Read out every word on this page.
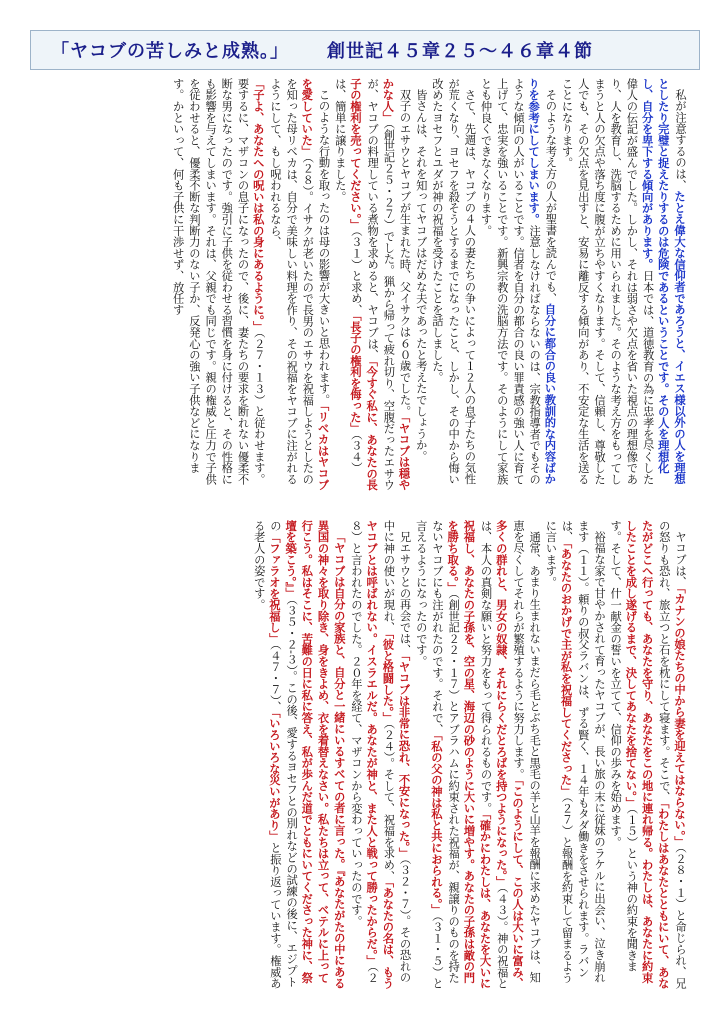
「ヤコブの苦しみと成熟。」 創世記４５章２５〜４６章４節

私が注意するのは、たとえ偉大な信仰者であろうと、イエス様以外の人を理想としたり完璧と捉えたりするのは危険であるということです。その人を理想化し、自分を卑下する傾向があります。日本では、道徳教育の為に忠孝を尽くした偉人の伝記が盛んでした。しかし、それは弱さや欠点を省いた視点の理想像であり、人を教育し、洗脳するために用いられました。そのような考え方をもってしまうと人の欠点や落ち度に腹が立ちやすくなります。そして、信頼し、尊敬した人でも、その欠点を見出すと、安易に離反する傾向があり、不安定な生活を送ることになります。

そのような考え方の人が聖書を読んでも、自分に都合の良い教訓的な内容ばかりを参考にしてしまいます。注意しなければならないのは、宗教指導者でもそのような傾向の人がいることです。信者を自分の都合の良い罪責感の強い人に育て上げて、忠実を強いることです。新興宗教の洗脳方法です。そのようにして家族とも仲良くできなくなります。

さて、先週は、ヤコブの４人の妻たちの争いによって１２人の息子たちの気性が荒くなり、ヨセフを殺そうとするまでになったこと、しかし、その中から悔い改めたヨセフとユダが神の祝福を受けたことを話しました。

皆さんは、それを知ってヤコブはだめな夫であったと考えたでしょうか。

双子のエサウとヤコブが生まれた時、父イサクは６０歳でした。「ヤコブは穏やかな人」（創世記２５・２７）でした。猟から帰って疲れ切り、空腹だったエサウが、ヤコブの料理している煮物を求めると、ヤコブは、「今すぐ私に、あなたの長子の権利を売ってください。」（３１）と求め、「長子の権利を侮った」（３４）は、簡単に譲りました。

このような行動を取ったのは母の影響が大きいと思われます。「リベカはヤコブを愛していた」（２８）。イサクが老いたので長男のエサウを祝福しようとしたのを知った母リベカは、自分で美味しい料理を作り、その祝福をヤコブに注がれるようにして、もし呪われるなら、「子よ、あなたへの呪いは私の身にあるように。」（２７・１３）と従わせます。要するに、マザコンの息子になったので、後に、妻たちの要求を断れない優柔不断な男になったのです。強引に子供を従わせる習慣を身に付けると、その性格にも影響を与えてしまいます。それは、父親でも同じです。親の権威と圧力で子供を従わせると、優柔不断な判断力のない子か、反発心の強い子供などになります。かといって、何も子供に干渉せず、放任す

ヤコブは、「カナンの娘たちの中から妻を迎えてはならない。」（２８・１）と命じられ、兄の怒りも恐れ、旅立つと石を枕にして寝ます。そこで、「わたしはあなたとともにいて、あなたがどこへ行っても、あなたを守り、あなたをこの地に連れ帰る。わたしは、あなたに約束したことを成し遂げるまで、決してあなたを捨てない。」（１５）という神の約束を聞きます。そして、什一献金の誓いを立てて、信仰の歩みを始めます。

裕福な家で甘やかされて育ったヤコブが、長い旅の末に従妹のラケルに出会い、泣き崩れます（１１）。頼りの叔父ラバンは、ずる賢く、１４年もタダ働きをさせられます。ラバンは、「あなたのおかげで主が私を祝福してくださった」（２７）と報酬を約束して留まるように言います。

通常、あまり生まれないまだら毛とぶち毛と黒毛の羊と山羊を報酬に求めたヤコブは、知恵を尽くしてそれらが繁殖するように努力します。「このようにして、この人は大いに富み、多くの群れと、男女の奴隷、それにらくだとろばを持つようになった。」（４３）。神の祝福とは、本人の真剣な願いと努力をもって得られるものです。「確かにわたしは、あなたを大いに祝福し、あなたの子孫を、空の星、海辺の砂のように大いに増やす。あなたの子孫は敵の門を勝ち取る。」（創世記２２・１７）とアブラハムに約束された祝福が、親譲りのものを持たないヤコブにも注がれたのです。それで、「私の父の神は私と共におられる。」（３１・５）と言えるようになったのです。

兄エサウとの再会では、「ヤコブは非常に恐れ、不安になった。」（３２・７）。その恐れの中に神の使いが現れ、「彼と格闘した。」（２４）。そして、祝福を求め、「あなたの名は、もうヤコブとは呼ばれない。イスラエルだ。あなたが神と、また人と戦って勝ったからだ。」（２８）と言われたのでした。２０年を経て、マザコンから変わっていったのです。

「ヤコブは自分の家族と、自分と一緒にいるすべての者に言った。『あなたがたの中にある異国の神々を取り除き、身をきよめ、衣を着替えなさい。私たちは立って、ベテルに上って行こう。私はそこに、苦難の日に私に答え、私が歩んだ道でともにいてくださった神に、祭壇を築こう。』」（３５・２-３）。この後、愛するヨセフとの別れなどの試練の後に、エジプトの「ファラオを祝福し」（４７・７）、「いろいろな災いがあり」と振り返っています。権威ある老人の姿です。
